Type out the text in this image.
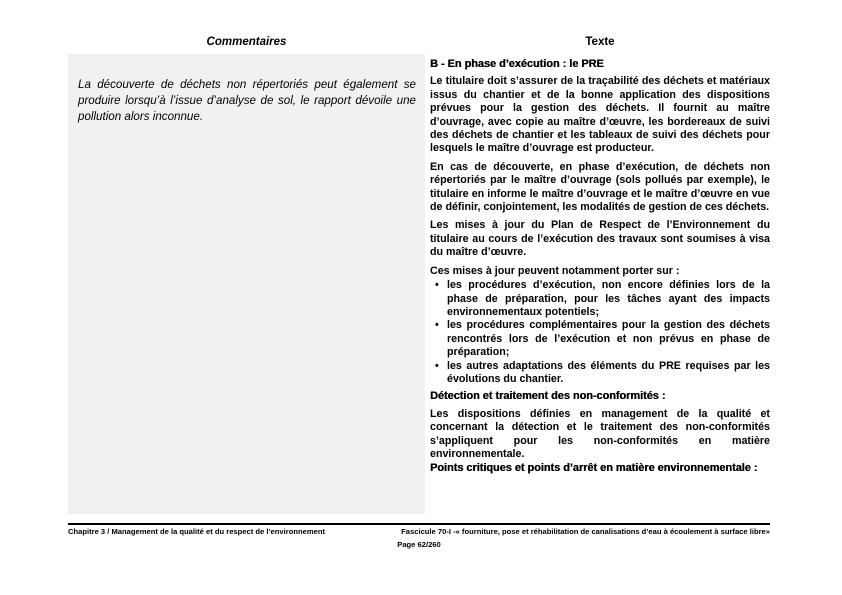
Commentaires	Texte

La découverte de déchets non répertoriés peut également se produire lorsqu’à l’issue d’analyse de sol, le rapport dévoile une pollution alors inconnue.

B - En phase d’exécution : le PRE

Le titulaire doit s’assurer de la traçabilité des déchets et matériaux issus du chantier et de la bonne application des dispositions prévues pour la gestion des déchets. Il fournit au maître d’ouvrage, avec copie au maître d’œuvre, les bordereaux de suivi des déchets de chantier et les tableaux de suivi des déchets pour lesquels le maître d’ouvrage est producteur.

En cas de découverte, en phase d’exécution, de déchets non répertoriés par le maître d’ouvrage (sols pollués par exemple), le titulaire en informe le maître d’ouvrage et le maître d’œuvre en vue de définir, conjointement, les modalités de gestion de ces déchets.

Les mises à jour du Plan de Respect de l’Environnement du titulaire au cours de l’exécution des travaux sont soumises à visa du maître d’œuvre.

Ces mises à jour peuvent notamment porter sur :

• les procédures d’exécution, non encore définies lors de la phase de préparation, pour les tâches ayant des impacts environnementaux potentiels;
• les procédures complémentaires pour la gestion des déchets rencontrés lors de l’exécution et non prévus en phase de préparation;
• les autres adaptations des éléments du PRE requises par les évolutions du chantier.
Détection et traitement des non-conformités :

Les dispositions définies en management de la qualité et concernant la détection et le traitement des non-conformités s’appliquent pour les non-conformités en matière environnementale.

Points critiques et points d’arrêt en matière environnementale :
Chapitre 3 / Management de la qualité et du respect de l’environnement	Fascicule 70-I -« fourniture, pose et réhabilitation de canalisations d’eau à écoulement à surface libre»
Page 62/260
